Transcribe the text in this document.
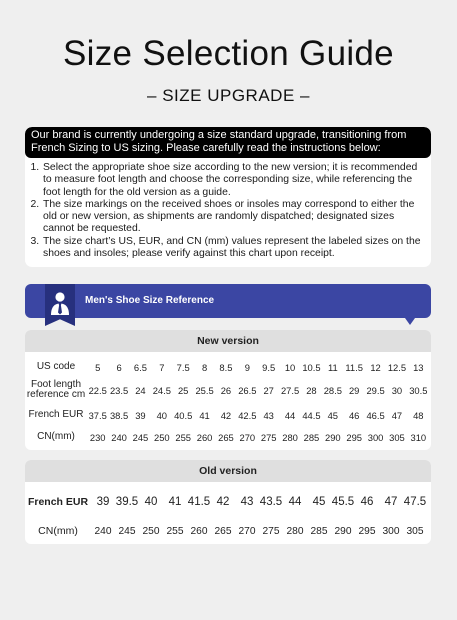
Size Selection Guide
– SIZE UPGRADE –
Our brand is currently undergoing a size standard upgrade, transitioning from French Sizing to US sizing. Please carefully read the instructions below:
1. Select the appropriate shoe size according to the new version; it is recommended to measure foot length and choose the corresponding size, while referencing the foot length for the old version as a guide.
2. The size markings on the received shoes or insoles may correspond to either the old or new version, as shipments are randomly dispatched; designated sizes cannot be requested.
3. The size chart’s US, EUR, and CN (mm) values represent the labeled sizes on the shoes and insoles; please verify against this chart upon receipt.
Men's Shoe Size Reference
New version
US code	5	6	6.5	7	7.5	8	8.5	9	9.5	10 10.5 11 11.5 12 12.5 13
Foot length reference cm 22.5 23.5 24 24.5 25 25.5 26 26.5 27 27.5 28 28.5 29 29.5 30 30.5
French EUR 37.5 38.5 39	40 40.5 41	42 42.5 43	44 44.5 45	46 46.5 47	48
CN(mm)	230 240 245 250 255 260 265 270 275 280 285 290 295 300 305 310
Old version
French EUR 39 39.5 40 41 41.5 42 43 43.5 44 45 45.5 46 47 47.5
CN(mm)	240 245 250 255 260 265 270 275 280 285 290 295 300 305
